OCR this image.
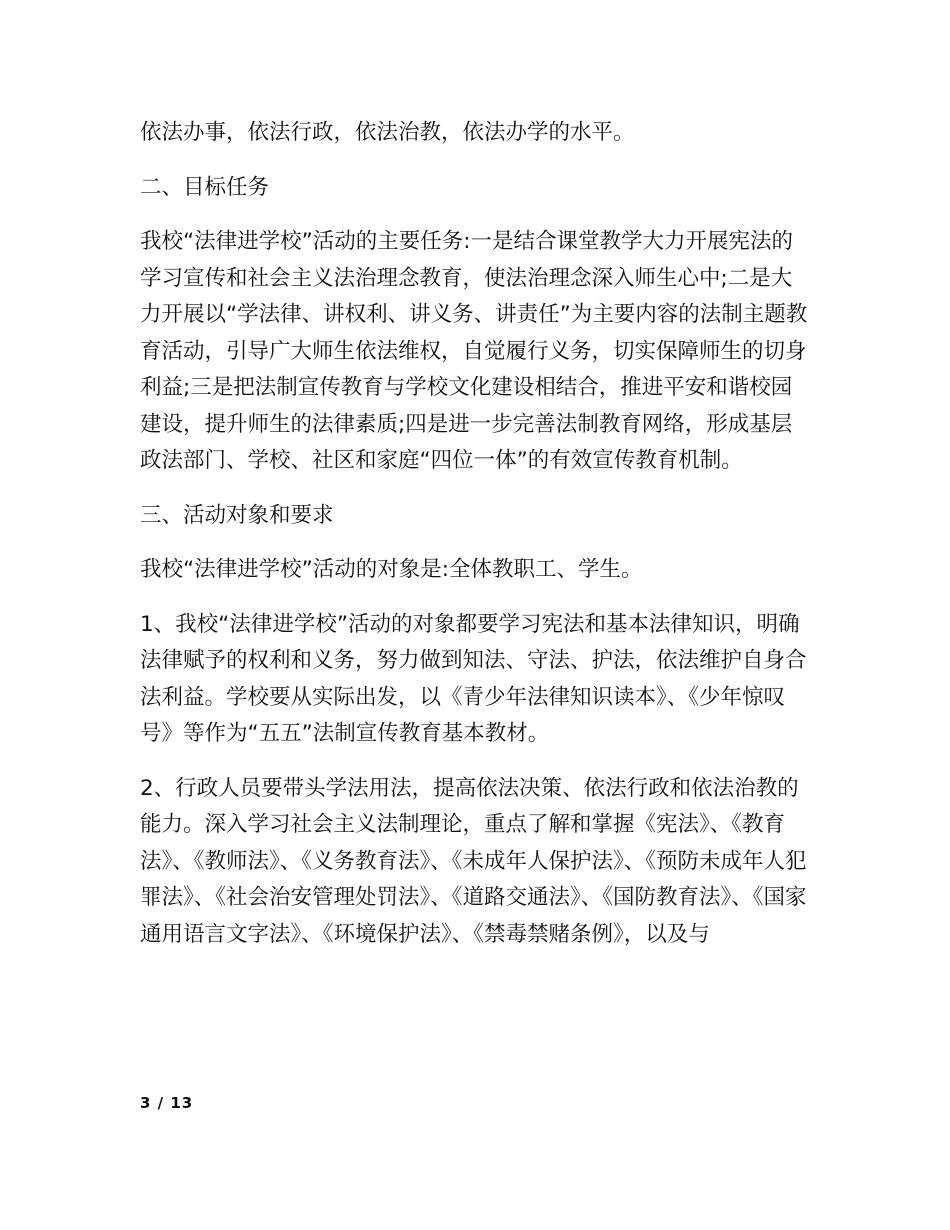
依法办事，依法行政，依法治教，依法办学的水平。

二、目标任务

我校“法律进学校”活动的主要任务:一是结合课堂教学大力开展宪法的学习宣传和社会主义法治理念教育，使法治理念深入师生心中;二是大力开展以“学法律、讲权利、讲义务、讲责任”为主要内容的法制主题教育活动，引导广大师生依法维权，自觉履行义务，切实保障师生的切身利益;三是把法制宣传教育与学校文化建设相结合，推进平安和谐校园建设，提升师生的法律素质;四是进一步完善法制教育网络，形成基层政法部门、学校、社区和家庭“四位一体”的有效宣传教育机制。

三、活动对象和要求

我校“法律进学校”活动的对象是:全体教职工、学生。

1、我校“法律进学校”活动的对象都要学习宪法和基本法律知识，明确法律赋予的权利和义务，努力做到知法、守法、护法，依法维护自身合法利益。学校要从实际出发，以《青少年法律知识读本》、《少年惊叹号》等作为“五五”法制宣传教育基本教材。

2、行政人员要带头学法用法，提高依法决策、依法行政和依法治教的能力。深入学习社会主义法制理论，重点了解和掌握《宪法》、《教育法》、《教师法》、《义务教育法》、《未成年人保护法》、《预防未成年人犯罪法》、《社会治安管理处罚法》、《道路交通法》、《国防教育法》、《国家通用语言文字法》、《环境保护法》、《禁毒禁赌条例》，以及与

3 / 13
